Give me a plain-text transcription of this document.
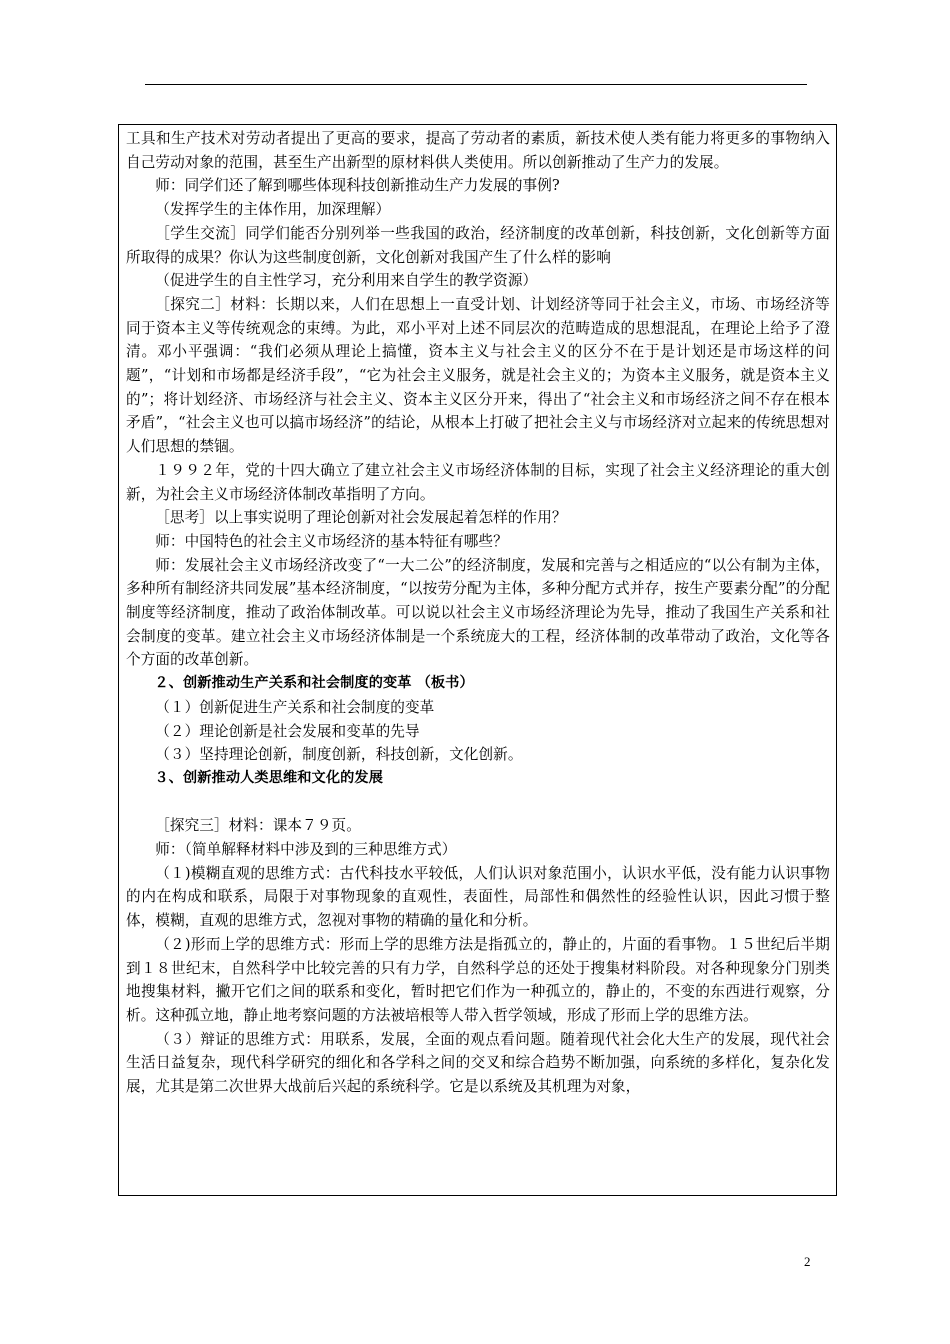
工具和生产技术对劳动者提出了更高的要求，提高了劳动者的素质，新技术使人类有能力将更多的事物纳入自己劳动对象的范围，甚至生产出新型的原材料供人类使用。所以创新推动了生产力的发展。

师：同学们还了解到哪些体现科技创新推动生产力发展的事例?

（发挥学生的主体作用，加深理解）

［学生交流］同学们能否分别列举一些我国的政治，经济制度的改革创新，科技创新，文化创新等方面所取得的成果？你认为这些制度创新，文化创新对我国产生了什么样的影响

（促进学生的自主性学习，充分利用来自学生的教学资源）

［探究二］材料：长期以来，人们在思想上一直受计划、计划经济等同于社会主义，市场、市场经济等同于资本主义等传统观念的束缚。为此，邓小平对上述不同层次的范畴造成的思想混乱，在理论上给予了澄清。邓小平强调：“我们必须从理论上搞懂，资本主义与社会主义的区分不在于是计划还是市场这样的问题”，“计划和市场都是经济手段”，“它为社会主义服务，就是社会主义的；为资本主义服务，就是资本主义的”；将计划经济、市场经济与社会主义、资本主义区分开来，得出了“社会主义和市场经济之间不存在根本矛盾”，“社会主义也可以搞市场经济”的结论，从根本上打破了把社会主义与市场经济对立起来的传统思想对人们思想的禁锢。

１９９２年，党的十四大确立了建立社会主义市场经济体制的目标，实现了社会主义经济理论的重大创新，为社会主义市场经济体制改革指明了方向。

［思考］以上事实说明了理论创新对社会发展起着怎样的作用？

师：中国特色的社会主义市场经济的基本特征有哪些？

师：发展社会主义市场经济改变了“一大二公”的经济制度，发展和完善与之相适应的“以公有制为主体，多种所有制经济共同发展”基本经济制度，“以按劳分配为主体，多种分配方式并存，按生产要素分配”的分配制度等经济制度，推动了政治体制改革。可以说以社会主义市场经济理论为先导，推动了我国生产关系和社会制度的变革。建立社会主义市场经济体制是一个系统庞大的工程，经济体制的改革带动了政治，文化等各个方面的改革创新。

２、创新推动生产关系和社会制度的变革 （板书）

（１）创新促进生产关系和社会制度的变革

（２）理论创新是社会发展和变革的先导

（３）坚持理论创新，制度创新，科技创新，文化创新。

３、创新推动人类思维和文化的发展

［探究三］材料：课本７９页。

师：（简单解释材料中涉及到的三种思维方式）

（１)模糊直观的思维方式：古代科技水平较低，人们认识对象范围小，认识水平低，没有能力认识事物的内在构成和联系，局限于对事物现象的直观性，表面性，局部性和偶然性的经验性认识，因此习惯于整体，模糊，直观的思维方式，忽视对事物的精确的量化和分析。

（２)形而上学的思维方式：形而上学的思维方法是指孤立的，静止的，片面的看事物。１５世纪后半期到１８世纪末，自然科学中比较完善的只有力学，自然科学总的还处于搜集材料阶段。对各种现象分门别类地搜集材料，撇开它们之间的联系和变化，暂时把它们作为一种孤立的，静止的，不变的东西进行观察，分析。这种孤立地，静止地考察问题的方法被培根等人带入哲学领域，形成了形而上学的思维方法。

（３）辩证的思维方式：用联系，发展，全面的观点看问题。随着现代社会化大生产的发展，现代社会生活日益复杂，现代科学研究的细化和各学科之间的交叉和综合趋势不断加强，向系统的多样化，复杂化发展，尤其是第二次世界大战前后兴起的系统科学。它是以系统及其机理为对象，

2
